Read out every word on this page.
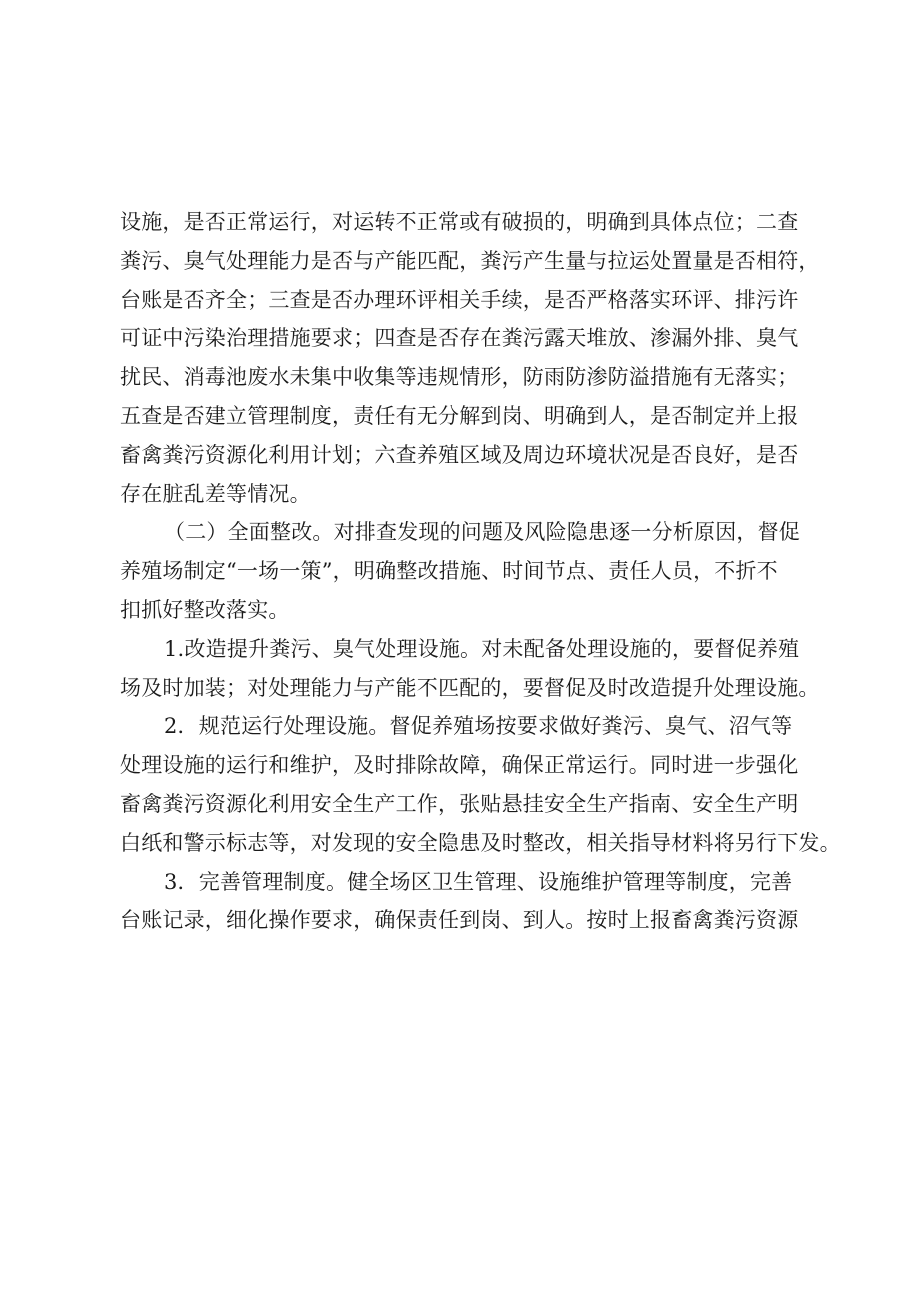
设施，是否正常运行，对运转不正常或有破损的，明确到具体点位；二查
粪污、臭气处理能力是否与产能匹配，粪污产生量与拉运处置量是否相符，
台账是否齐全；三查是否办理环评相关手续，是否严格落实环评、排污许
可证中污染治理措施要求；四查是否存在粪污露天堆放、渗漏外排、臭气
扰民、消毒池废水未集中收集等违规情形，防雨防渗防溢措施有无落实；
五查是否建立管理制度，责任有无分解到岗、明确到人，是否制定并上报
畜禽粪污资源化利用计划；六查养殖区域及周边环境状况是否良好，是否
存在脏乱差等情况。
（二）全面整改。对排查发现的问题及风险隐患逐一分析原因，督促
养殖场制定“一场一策”，明确整改措施、时间节点、责任人员，不折不
扣抓好整改落实。
1.改造提升粪污、臭气处理设施。对未配备处理设施的，要督促养殖
场及时加装；对处理能力与产能不匹配的，要督促及时改造提升处理设施。
2．规范运行处理设施。督促养殖场按要求做好粪污、臭气、沼气等
处理设施的运行和维护，及时排除故障，确保正常运行。同时进一步强化
畜禽粪污资源化利用安全生产工作，张贴悬挂安全生产指南、安全生产明
白纸和警示标志等，对发现的安全隐患及时整改，相关指导材料将另行下发。
3．完善管理制度。健全场区卫生管理、设施维护管理等制度，完善
台账记录，细化操作要求，确保责任到岗、到人。按时上报畜禽粪污资源
